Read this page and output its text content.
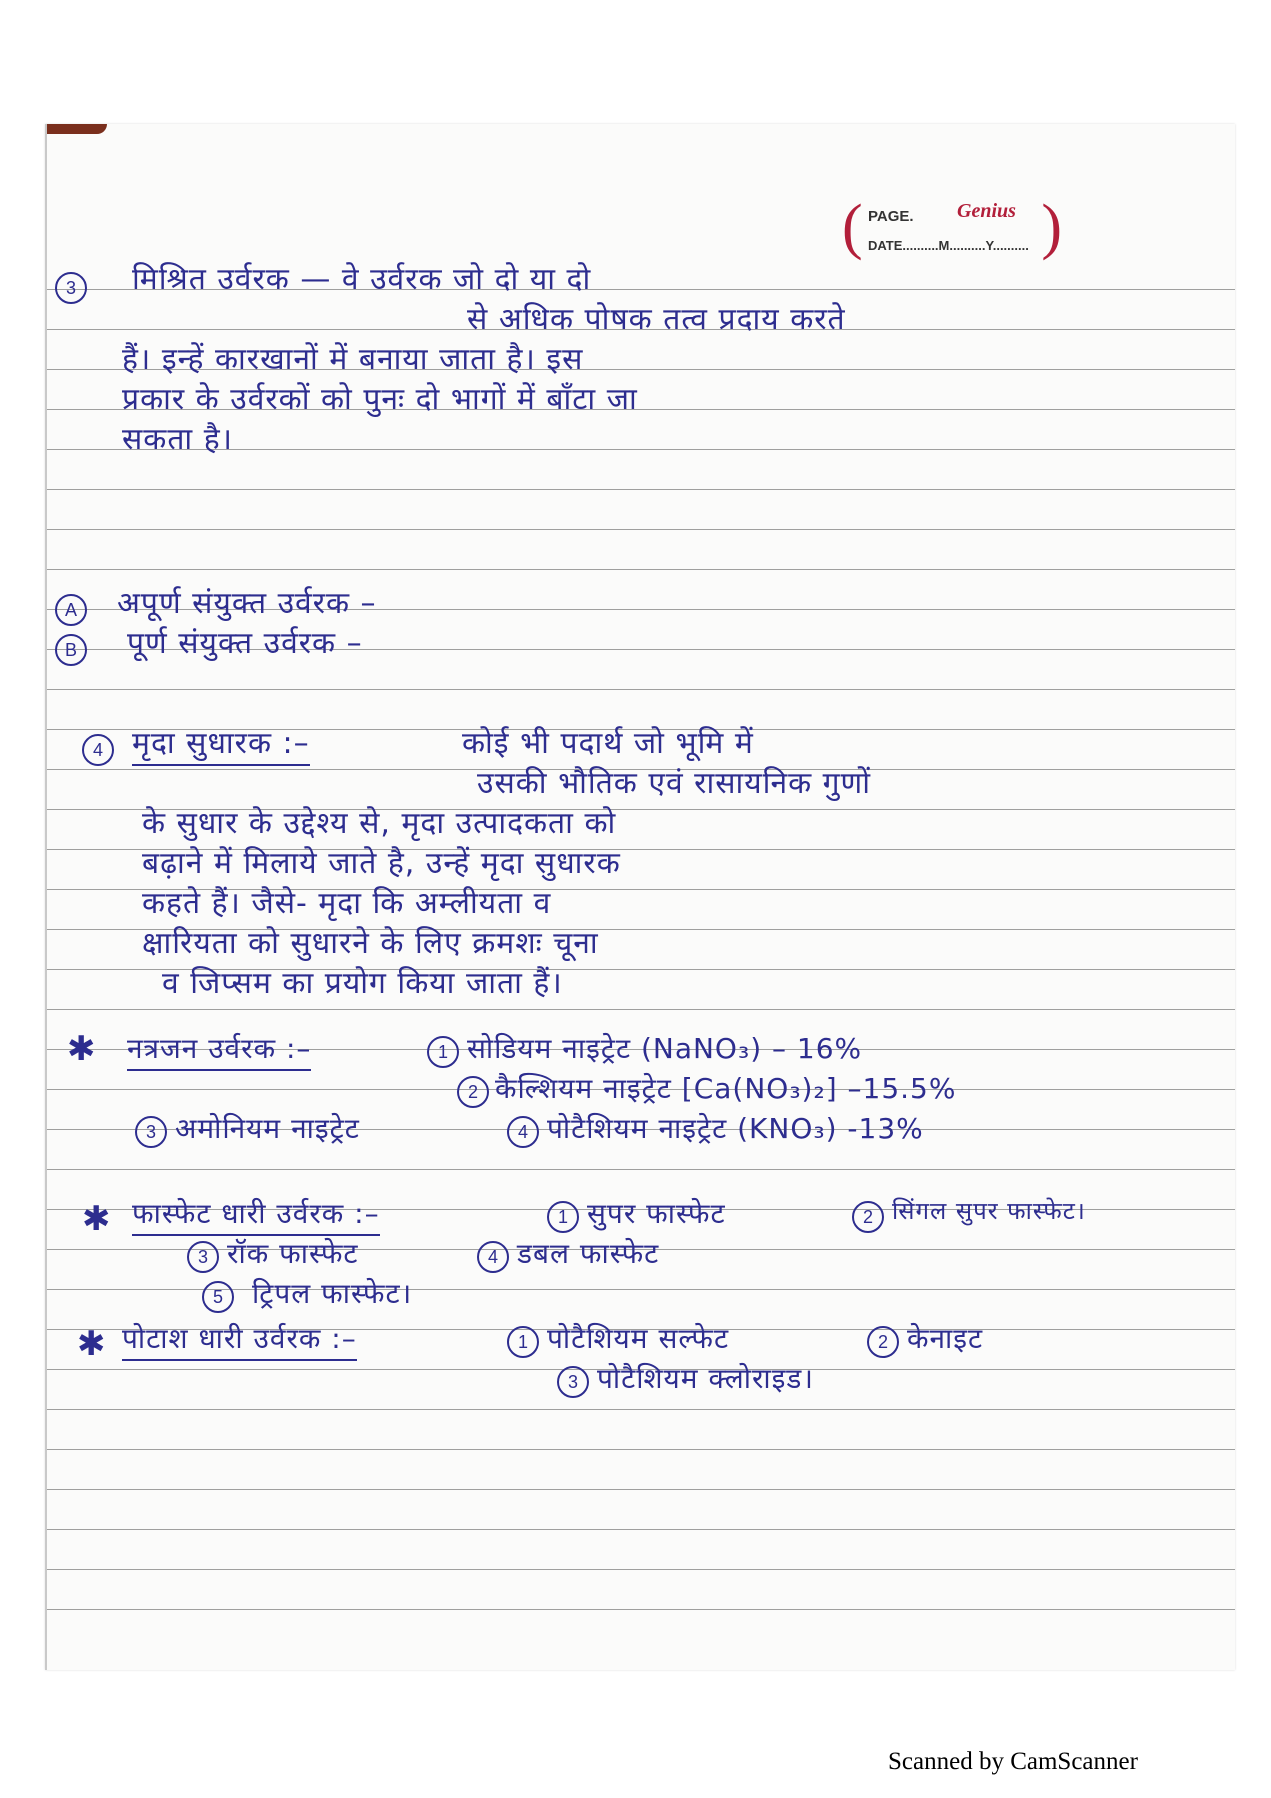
( PAGE. Genius
DATE..........M..........Y.......... )
3	मिश्रित उर्वरक — वे उर्वरक जो दो या दो
से अधिक पोषक तत्व प्रदाय करते
हैं। इन्हें कारखानों में बनाया जाता है। इस
प्रकार के उर्वरकों को पुनः दो भागों में बाँटा जा
सकता है।
A	अपूर्ण संयुक्त उर्वरक –
B	पूर्ण संयुक्त उर्वरक –
4 मृदा सुधारक :–	कोई भी पदार्थ जो भूमि में
उसकी भौतिक एवं रासायनिक गुणों
के सुधार के उद्देश्य से, मृदा उत्पादकता को
बढ़ाने में मिलाये जाते है, उन्हें मृदा सुधारक
कहते हैं। जैसे- मृदा कि अम्लीयता व
क्षारियता को सुधारने के लिए क्रमशः चूना
व जिप्सम का प्रयोग किया जाता हैं।
✱ नत्रजन उर्वरक :–	1 सोडियम नाइट्रेट (NaNO₃) – 16%
2 कैल्शियम नाइट्रेट [Ca(NO₃)₂] –15.5%
3 अमोनियम नाइट्रेट	4 पोटैशियम नाइट्रेट (KNO₃) -13%
✱ फास्फेट धारी उर्वरक :–	1 सुपर फास्फेट	2 सिंगल सुपर फास्फेट।
3 रॉक फास्फेट	4 डबल फास्फेट
5	ट्रिपल फास्फेट।
✱ पोटाश धारी उर्वरक :–	1 पोटैशियम सल्फेट	2 केनाइट
3 पोटैशियम क्लोराइड।
Scanned by CamScanner
